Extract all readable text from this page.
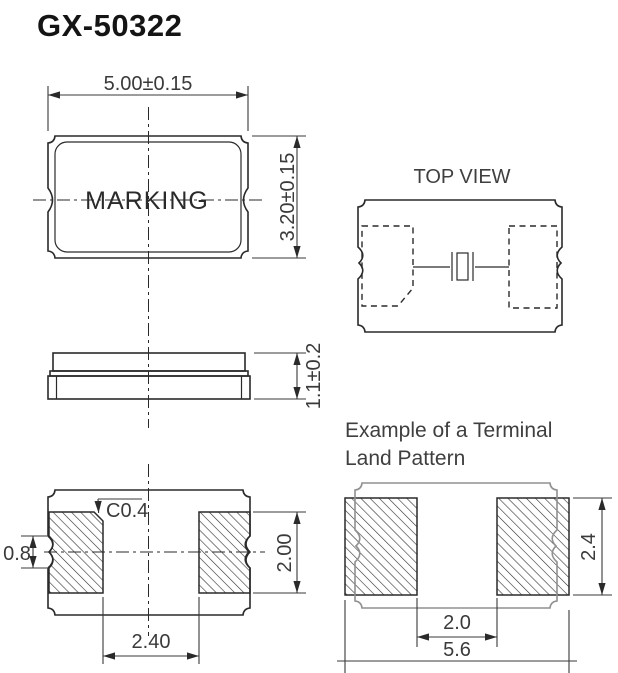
GX-50322
MARKING
5.00±0.15
3.20±0.15	TOP VIEW
1.1±0.2
C0.4
0.8	2.00
2.40
Example of a Terminal
Land Pattern
2.4
2.0
5.6
